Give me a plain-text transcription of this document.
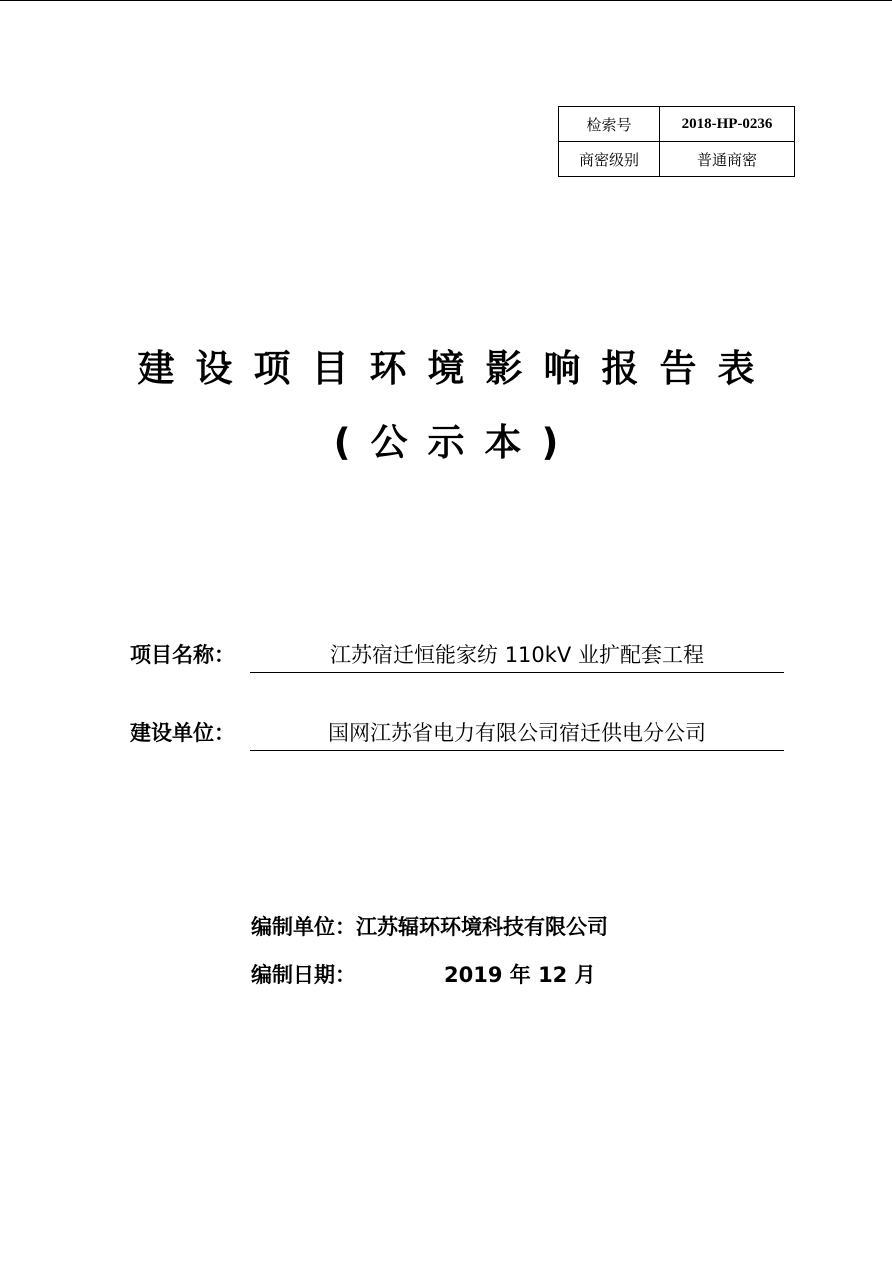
检索号	2018-HP-0236
商密级别	普通商密
建设项目环境影响报告表
(公示本)
项目名称：	江苏宿迁恒能家纺 110kV 业扩配套工程
建设单位：	国网江苏省电力有限公司宿迁供电分公司
编制单位：江苏辐环环境科技有限公司
编制日期：	2019 年 12 月
